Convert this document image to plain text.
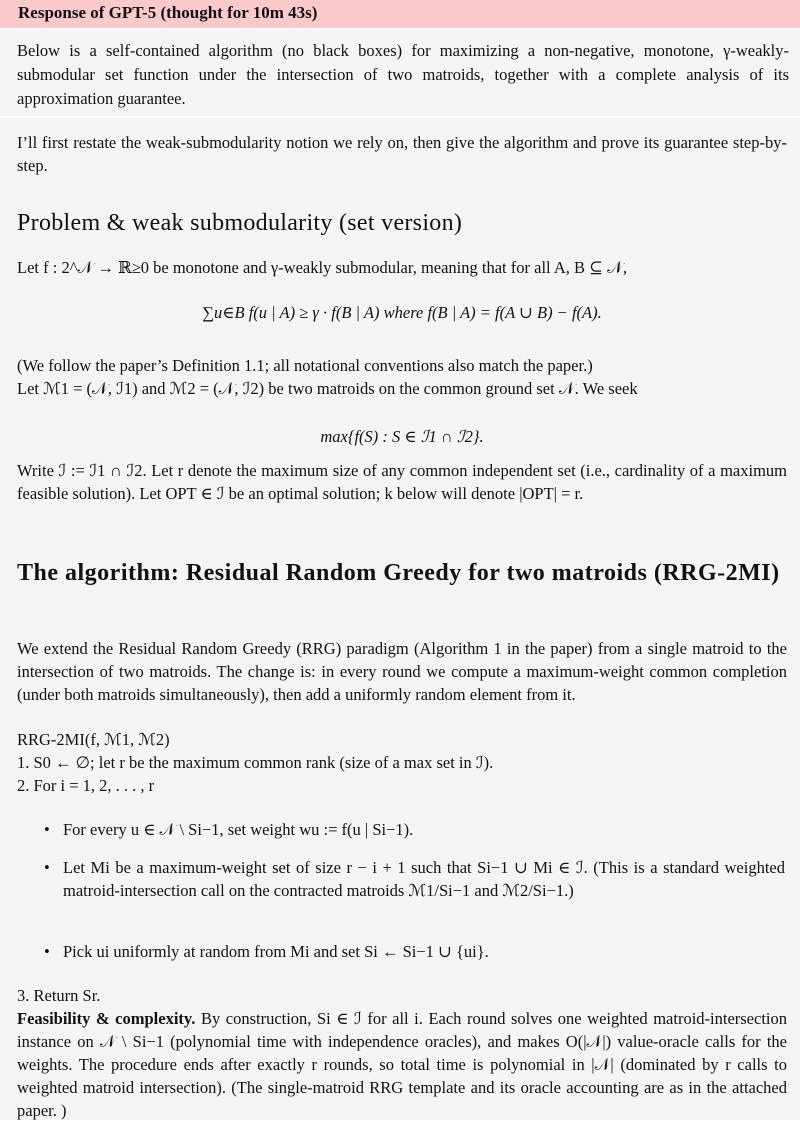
Response of GPT-5 (thought for 10m 43s)

Below is a self-contained algorithm (no black boxes) for maximizing a non-negative, monotone, γ-weakly-submodular set function under the intersection of two matroids, together with a complete analysis of its approximation guarantee.

I’ll first restate the weak-submodularity notion we rely on, then give the algorithm and prove its guarantee step-by-step.

Problem & weak submodularity (set version)

Let f : 2^𝒩 → ℝ≥0 be monotone and γ-weakly submodular, meaning that for all A, B ⊆ 𝒩,

∑u∈B f(u | A) ≥ γ · f(B | A) where f(B | A) = f(A ∪ B) − f(A).

(We follow the paper’s Definition 1.1; all notational conventions also match the paper.)

Let ℳ1 = (𝒩, ℐ1) and ℳ2 = (𝒩, ℐ2) be two matroids on the common ground set 𝒩. We seek

max{f(S) : S ∈ ℐ1 ∩ ℐ2}.

Write ℐ := ℐ1 ∩ ℐ2. Let r denote the maximum size of any common independent set (i.e., cardinality of a maximum feasible solution). Let OPT ∈ ℐ be an optimal solution; k below will denote |OPT| = r.

The algorithm: Residual Random Greedy for two matroids (RRG-2MI)

We extend the Residual Random Greedy (RRG) paradigm (Algorithm 1 in the paper) from a single matroid to the intersection of two matroids. The change is: in every round we compute a maximum-weight common completion (under both matroids simultaneously), then add a uniformly random element from it.

RRG-2MI(f, ℳ1, ℳ2)

1. S0 ← ∅; let r be the maximum common rank (size of a max set in ℐ).

2. For i = 1, 2, . . . , r

• For every u ∈ 𝒩 \ Si−1, set weight wu := f(u | Si−1).
• Let Mi be a maximum-weight set of size r − i + 1 such that Si−1 ∪ Mi ∈ ℐ. (This is a standard weighted matroid-intersection call on the contracted matroids ℳ1/Si−1 and ℳ2/Si−1.)
• Pick ui uniformly at random from Mi and set Si ← Si−1 ∪ {ui}.

3. Return Sr.

Feasibility & complexity. By construction, Si ∈ ℐ for all i. Each round solves one weighted matroid-intersection instance on 𝒩 \ Si−1 (polynomial time with independence oracles), and makes O(|𝒩|) value-oracle calls for the weights. The procedure ends after exactly r rounds, so total time is polynomial in |𝒩| (dominated by r calls to weighted matroid intersection). (The single-matroid RRG template and its oracle accounting are as in the attached paper. )
